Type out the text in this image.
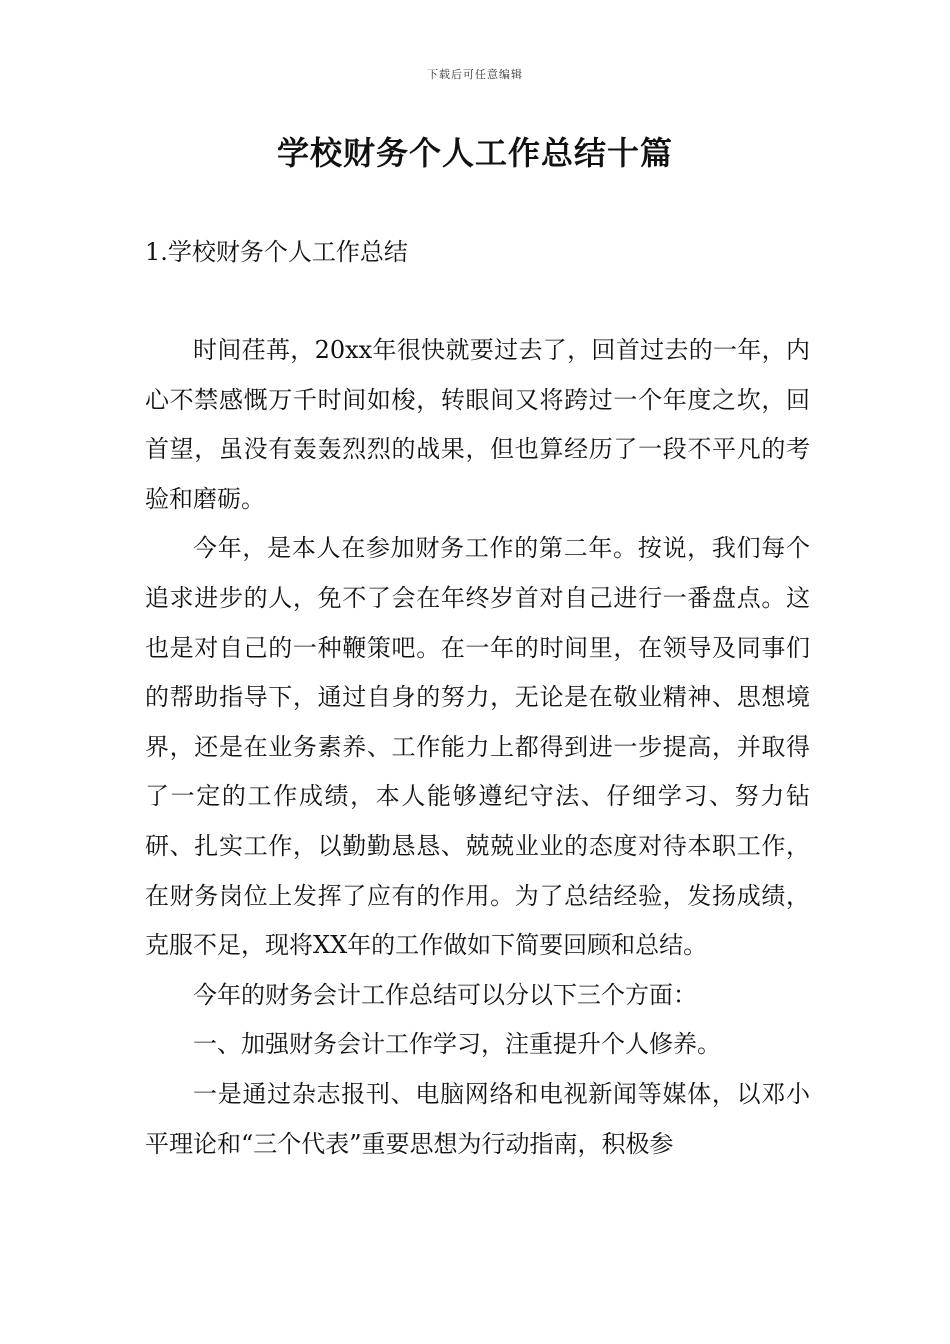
下载后可任意编辑
学校财务个人工作总结十篇
1.学校财务个人工作总结

时间荏苒，20xx年很快就要过去了，回首过去的一年，内心不禁感慨万千时间如梭，转眼间又将跨过一个年度之坎，回首望，虽没有轰轰烈烈的战果，但也算经历了一段不平凡的考验和磨砺。

今年，是本人在参加财务工作的第二年。按说，我们每个追求进步的人，免不了会在年终岁首对自己进行一番盘点。这也是对自己的一种鞭策吧。在一年的时间里，在领导及同事们的帮助指导下，通过自身的努力，无论是在敬业精神、思想境界，还是在业务素养、工作能力上都得到进一步提高，并取得了一定的工作成绩，本人能够遵纪守法、仔细学习、努力钻研、扎实工作，以勤勤恳恳、兢兢业业的态度对待本职工作，在财务岗位上发挥了应有的作用。为了总结经验，发扬成绩，克服不足，现将XX年的工作做如下简要回顾和总结。

今年的财务会计工作总结可以分以下三个方面：

一、加强财务会计工作学习，注重提升个人修养。

一是通过杂志报刊、电脑网络和电视新闻等媒体，以邓小平理论和“三个代表”重要思想为行动指南，积极参
